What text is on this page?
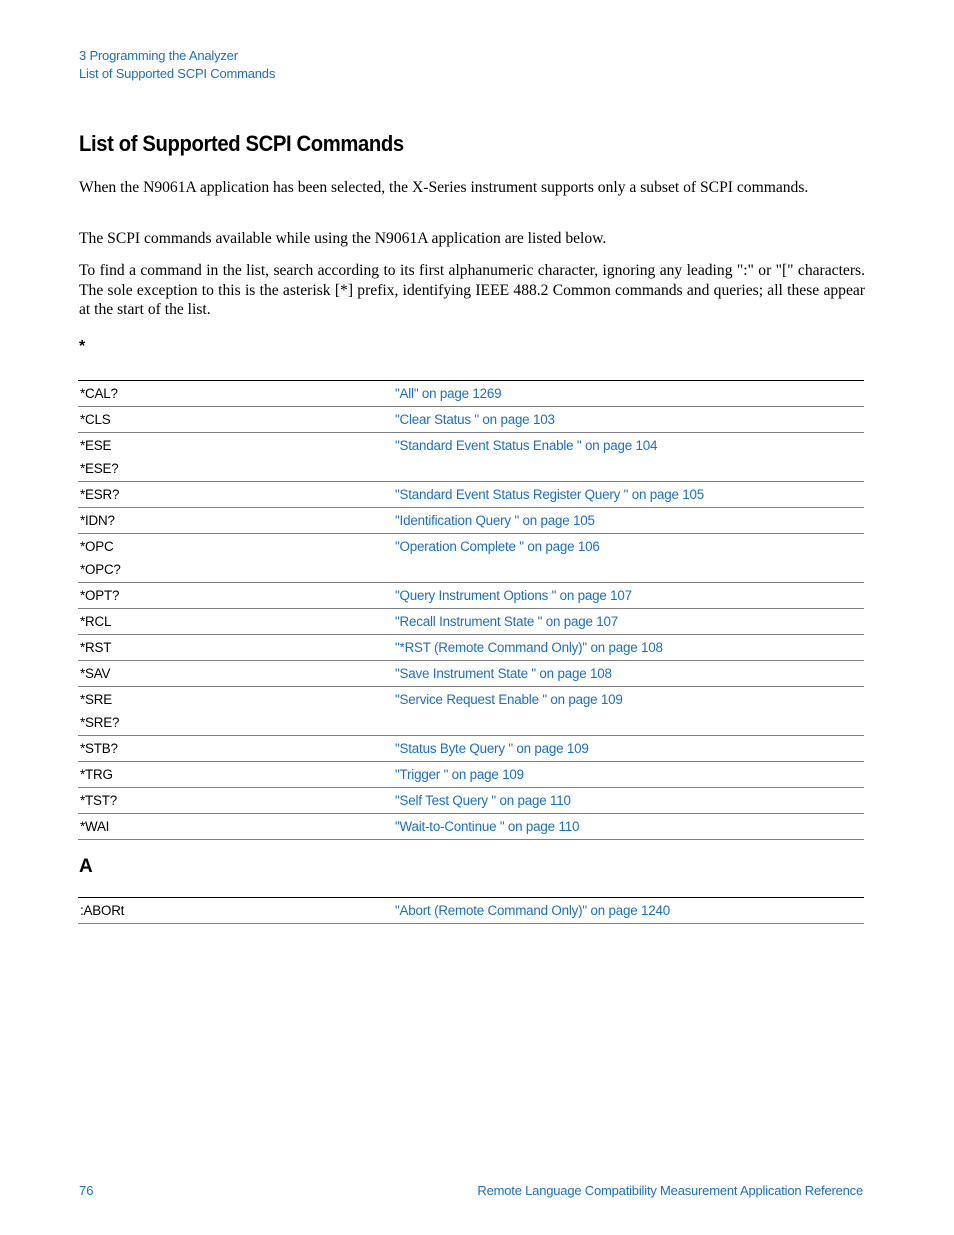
3 Programming the Analyzer
List of Supported SCPI Commands
List of Supported SCPI Commands

When the N9061A application has been selected, the X-Series instrument supports only a subset of SCPI commands.

The SCPI commands available while using the N9061A application are listed below.

To find a command in the list, search according to its first alphanumeric character, ignoring any leading ":" or "[" characters. The sole exception to this is the asterisk [*] prefix, identifying IEEE 488.2 Common commands and queries; all these appear at the start of the list.

*
*CAL?	"All" on page 1269

*CLS	"Clear Status " on page 103

*ESE
*ESE?	"Standard Event Status Enable " on page 104

*ESR?	"Standard Event Status Register Query " on page 105

*IDN?	"Identification Query " on page 105

*OPC
*OPC?	"Operation Complete " on page 106

*OPT?	"Query Instrument Options " on page 107

*RCL	"Recall Instrument State " on page 107

*RST	"*RST (Remote Command Only)" on page 108

*SAV	"Save Instrument State " on page 108

*SRE
*SRE?	"Service Request Enable " on page 109

*STB?	"Status Byte Query " on page 109

*TRG	"Trigger " on page 109

*TST?	"Self Test Query " on page 110

*WAI	"Wait-to-Continue " on page 110
A
:ABORt	"Abort (Remote Command Only)" on page 1240
76	Remote Language Compatibility Measurement Application Reference
